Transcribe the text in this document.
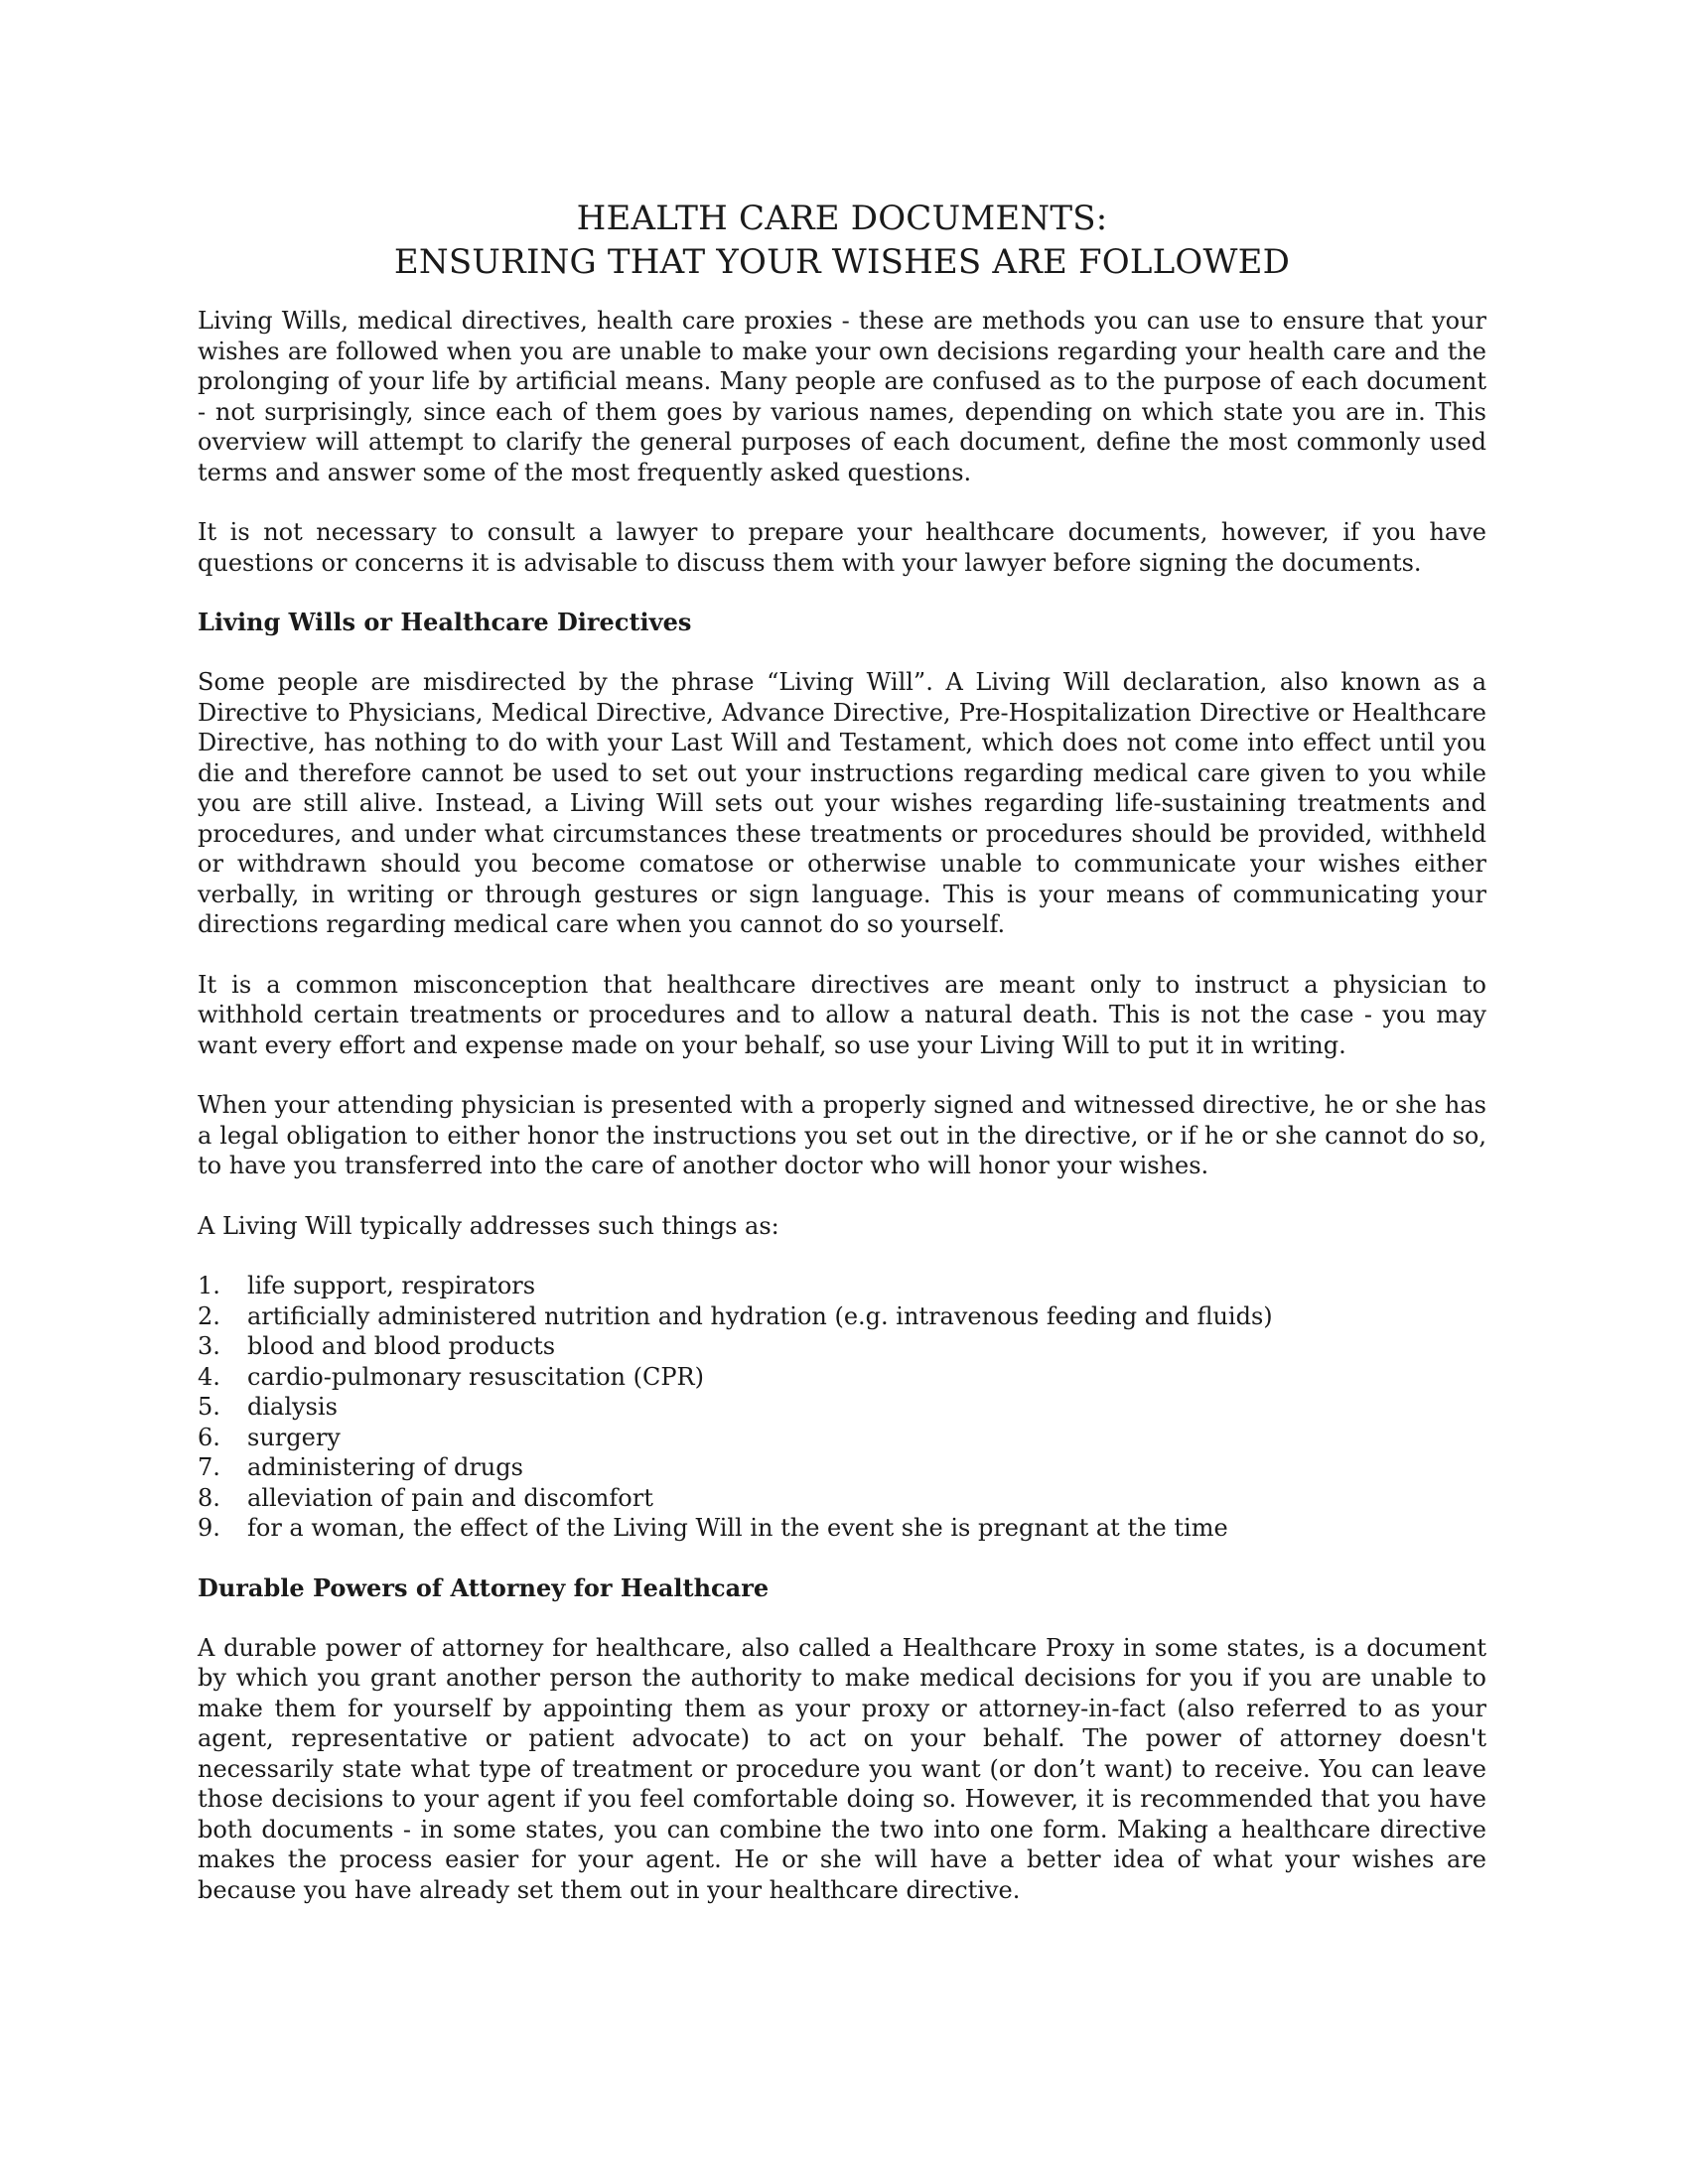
HEALTH CARE DOCUMENTS:
ENSURING THAT YOUR WISHES ARE FOLLOWED

Living Wills, medical directives, health care proxies - these are methods you can use to ensure that your wishes are followed when you are unable to make your own decisions regarding your health care and the prolonging of your life by artificial means. Many people are confused as to the purpose of each document - not surprisingly, since each of them goes by various names, depending on which state you are in. This overview will attempt to clarify the general purposes of each document, define the most commonly used terms and answer some of the most frequently asked questions.

It is not necessary to consult a lawyer to prepare your healthcare documents, however, if you have questions or concerns it is advisable to discuss them with your lawyer before signing the documents.

Living Wills or Healthcare Directives

Some people are misdirected by the phrase “Living Will”. A Living Will declaration, also known as a Directive to Physicians, Medical Directive, Advance Directive, Pre-Hospitalization Directive or Healthcare Directive, has nothing to do with your Last Will and Testament, which does not come into effect until you die and therefore cannot be used to set out your instructions regarding medical care given to you while you are still alive. Instead, a Living Will sets out your wishes regarding life-sustaining treatments and procedures, and under what circumstances these treatments or procedures should be provided, withheld or withdrawn should you become comatose or otherwise unable to communicate your wishes either verbally, in writing or through gestures or sign language. This is your means of communicating your directions regarding medical care when you cannot do so yourself.

It is a common misconception that healthcare directives are meant only to instruct a physician to withhold certain treatments or procedures and to allow a natural death. This is not the case - you may want every effort and expense made on your behalf, so use your Living Will to put it in writing.

When your attending physician is presented with a properly signed and witnessed directive, he or she has a legal obligation to either honor the instructions you set out in the directive, or if he or she cannot do so, to have you transferred into the care of another doctor who will honor your wishes.

A Living Will typically addresses such things as:

1.	life support, respirators
2.	artificially administered nutrition and hydration (e.g. intravenous feeding and fluids)
3.	blood and blood products
4.	cardio-pulmonary resuscitation (CPR)
5.	dialysis
6.	surgery
7.	administering of drugs
8.	alleviation of pain and discomfort
9.	for a woman, the effect of the Living Will in the event she is pregnant at the time
Durable Powers of Attorney for Healthcare

A durable power of attorney for healthcare, also called a Healthcare Proxy in some states, is a document by which you grant another person the authority to make medical decisions for you if you are unable to make them for yourself by appointing them as your proxy or attorney-in-fact (also referred to as your agent, representative or patient advocate) to act on your behalf. The power of attorney doesn't necessarily state what type of treatment or procedure you want (or don’t want) to receive. You can leave those decisions to your agent if you feel comfortable doing so. However, it is recommended that you have both documents - in some states, you can combine the two into one form. Making a healthcare directive makes the process easier for your agent. He or she will have a better idea of what your wishes are because you have already set them out in your healthcare directive.
